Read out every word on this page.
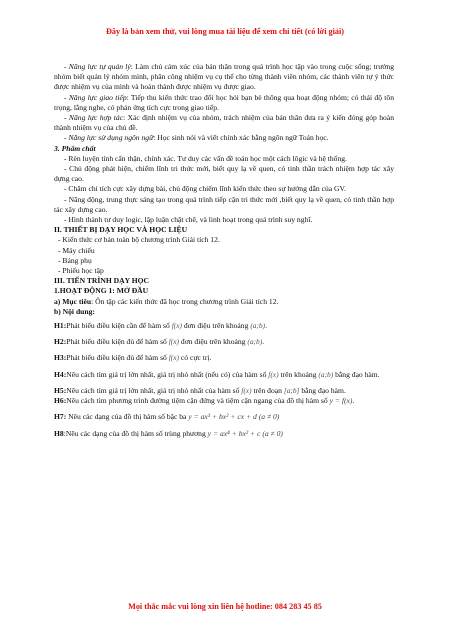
Đây là bản xem thử, vui lòng mua tài liệu để xem chi tiết (có lời giải)

- Năng lực tự quản lý: Làm chủ cảm xúc của bản thân trong quá trình học tập vào trong cuộc sống; trưởng nhóm biết quản lý nhóm mình, phân công nhiệm vụ cụ thể cho từng thành viên nhóm, các thành viên tự ý thức được nhiệm vụ của mình và hoàn thành được nhiệm vụ được giao.

- Năng lực giao tiếp: Tiếp thu kiến thức trao đổi học hỏi bạn bè thông qua hoạt động nhóm; có thái độ tôn trọng, lắng nghe, có phản ứng tích cực trong giao tiếp.

- Năng lực hợp tác: Xác định nhiệm vụ của nhóm, trách nhiệm của bản thân đưa ra ý kiến đóng góp hoàn thành nhiệm vụ của chủ đề.

- Năng lực sử dụng ngôn ngữ: Học sinh nói và viết chính xác bằng ngôn ngữ Toán học.

3. Phẩm chất

- Rèn luyện tính cẩn thận, chính xác. Tư duy các vấn đề toán học một cách lôgic và hệ thống.

- Chủ động phát hiện, chiếm lĩnh tri thức mới, biết quy lạ về quen, có tinh thần trách nhiệm hợp tác xây dựng cao.

- Chăm chỉ tích cực xây dựng bài, chủ động chiếm lĩnh kiến thức theo sự hướng dẫn của GV.

- Năng động, trung thực sáng tạo trong quá trình tiếp cận tri thức mới ,biết quy lạ về quen, có tinh thần hợp tác xây dựng cao.

- Hình thành tư duy logic, lập luận chặt chẽ, và linh hoạt trong quá trình suy nghĩ.

II. THIẾT BỊ DẠY HỌC VÀ HỌC LIỆU

- Kiến thức cơ bản toàn bộ chương trình Giải tích 12.

- Máy chiếu

- Bảng phụ

- Phiếu học tập

III. TIẾN TRÌNH DẠY HỌC

1.HOẠT ĐỘNG 1: MỞ ĐẦU

a) Mục tiêu: Ôn tập các kiến thức đã học trong chương trình Giải tích 12.

b) Nội dung:

H1:Phát biểu điều kiện cần để hàm số f(x) đơn điệu trên khoảng (a;b).

H2:Phát biểu điều kiện đủ để hàm số f(x) đơn điệu trên khoảng (a;b).

H3:Phát biểu điều kiện đủ để hàm số f(x) có cực trị.

H4:Nêu cách tìm giá trị lớn nhất, giá trị nhỏ nhất (nếu có) của hàm số f(x) trên khoảng (a;b) bằng đạo hàm.

H5:Nêu cách tìm giá trị lớn nhất, giá trị nhỏ nhất của hàm số f(x) trên đoạn [a;b] bằng đạo hàm.

H6:Nêu cách tìm phương trình đường tiệm cận đứng và tiệm cận ngang của đồ thị hàm số y = f(x).

H7: Nêu các dạng của đồ thị hàm số bậc ba y = ax³ + bx² + cx + d (a ≠ 0)

H8:Nêu các dạng của đồ thị hàm số trùng phương y = ax⁴ + bx² + c (a ≠ 0)

Mọi thắc mắc vui lòng xin liên hệ hotline: 084 283 45 85
